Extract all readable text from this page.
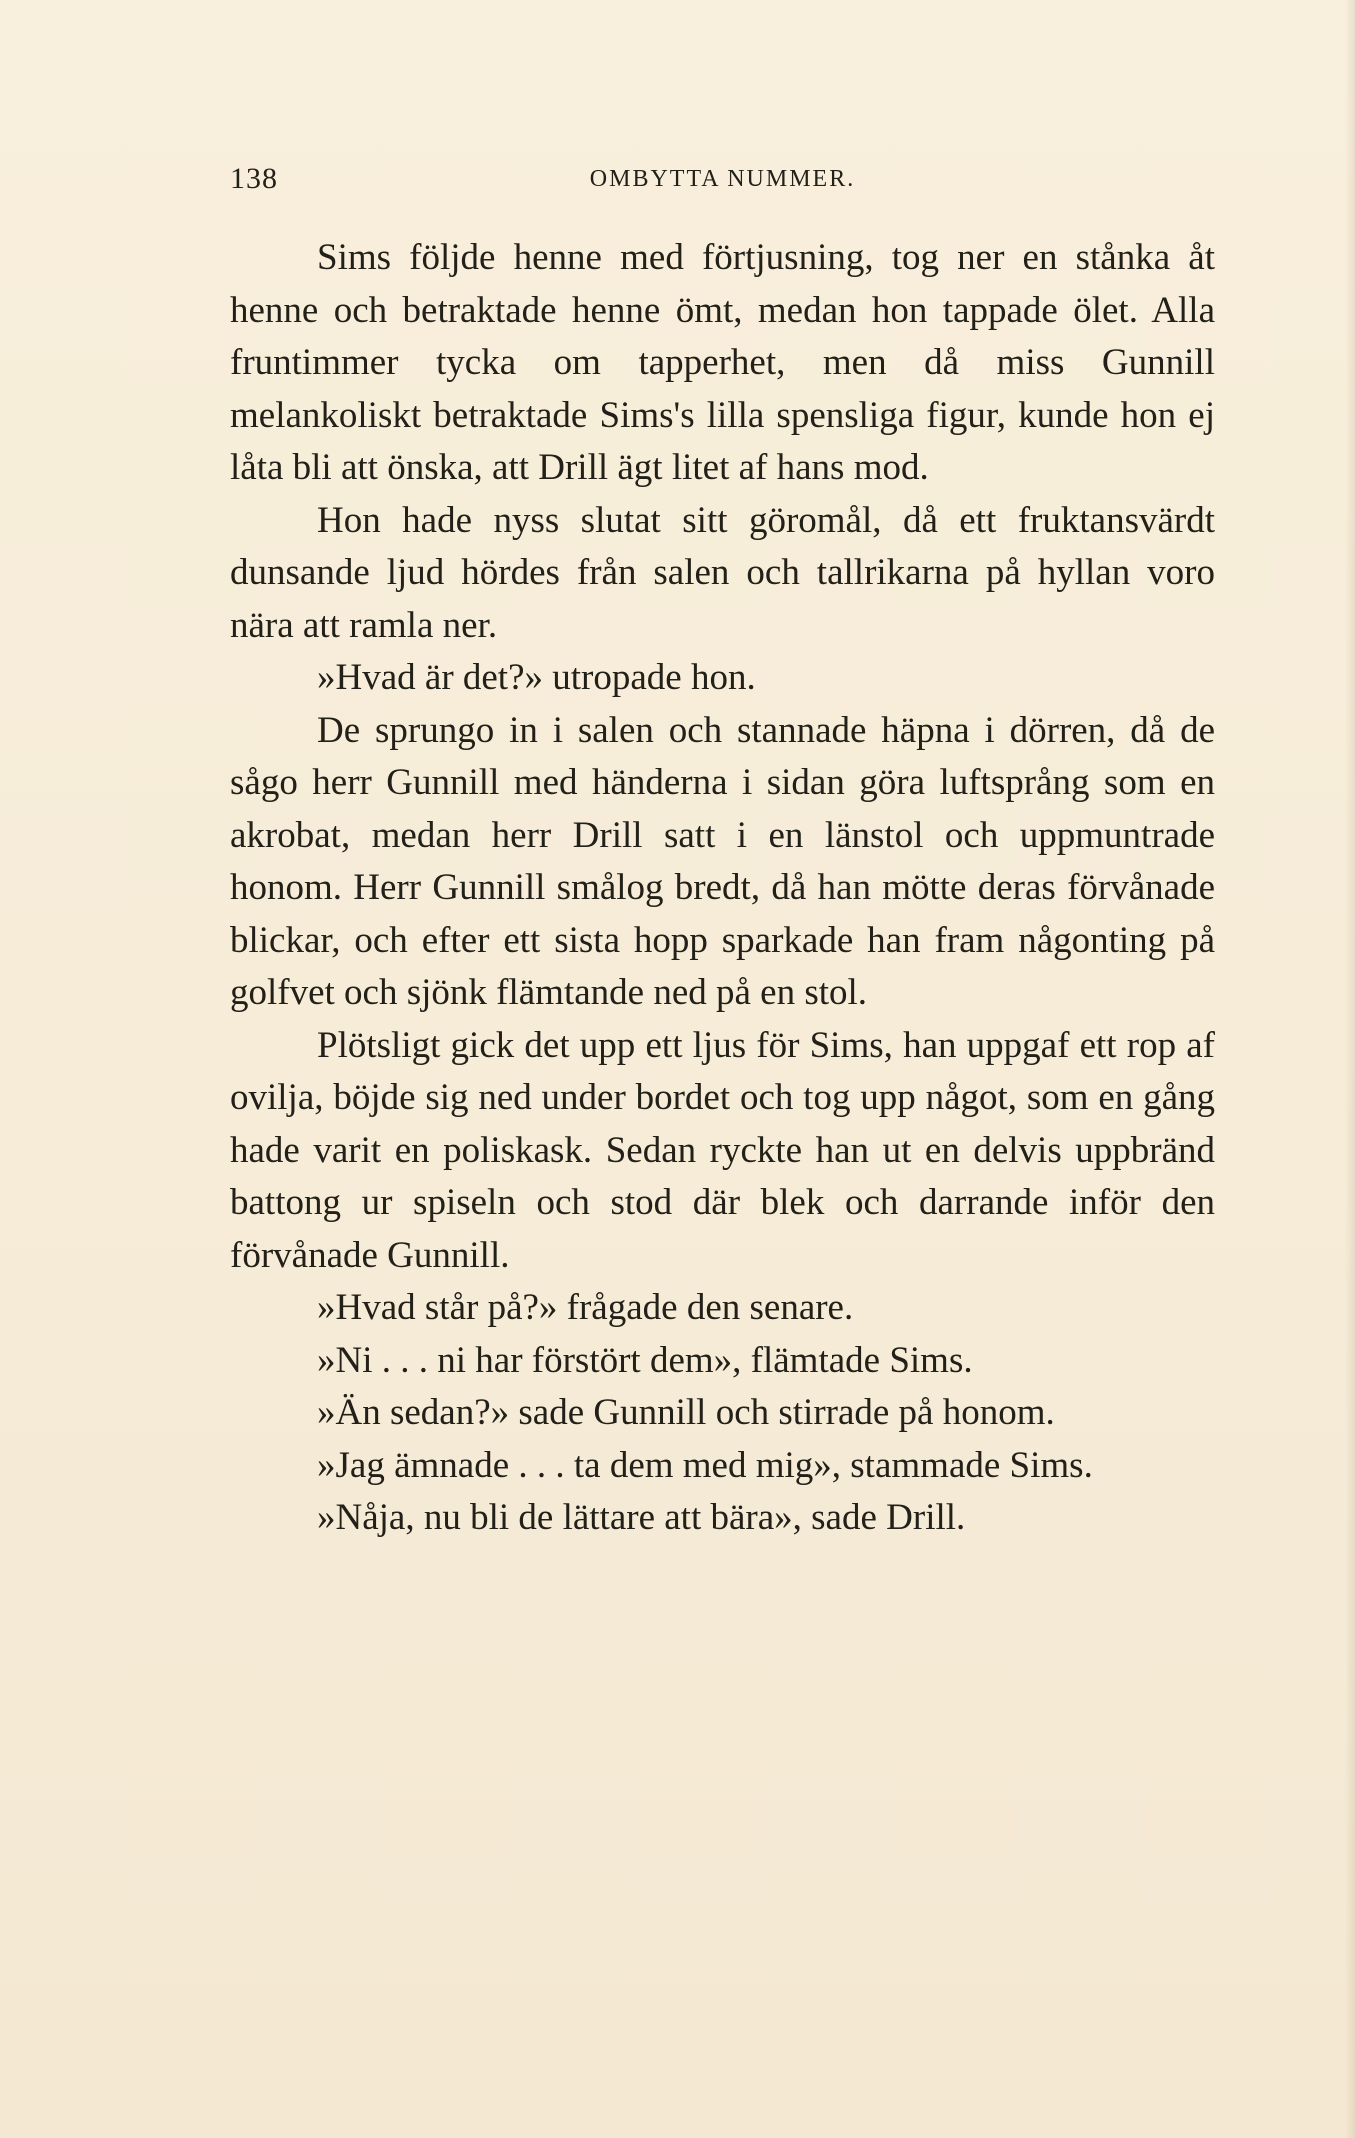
138	OMBYTTA NUMMER.

Sims följde henne med förtjusning, tog ner en stånka åt henne och betraktade henne ömt, medan hon tappade ölet. Alla fruntimmer tycka om tapperhet, men då miss Gunnill melankoliskt betraktade Sims's lilla spensliga figur, kunde hon ej låta bli att önska, att Drill ägt litet af hans mod.

Hon hade nyss slutat sitt göromål, då ett fruktansvärdt dunsande ljud hördes från salen och tallrikarna på hyllan voro nära att ramla ner.

»Hvad är det?» utropade hon.

De sprungo in i salen och stannade häpna i dörren, då de sågo herr Gunnill med händerna i sidan göra luftsprång som en akrobat, medan herr Drill satt i en länstol och uppmuntrade honom. Herr Gunnill smålog bredt, då han mötte deras förvånade blickar, och efter ett sista hopp sparkade han fram någonting på golfvet och sjönk flämtande ned på en stol.

Plötsligt gick det upp ett ljus för Sims, han uppgaf ett rop af ovilja, böjde sig ned under bordet och tog upp något, som en gång hade varit en poliskask. Sedan ryckte han ut en delvis uppbränd battong ur spiseln och stod där blek och darrande inför den förvånade Gunnill.

»Hvad står på?» frågade den senare.

»Ni . . . ni har förstört dem», flämtade Sims.

»Än sedan?» sade Gunnill och stirrade på honom.

»Jag ämnade . . . ta dem med mig», stammade Sims.

»Nåja, nu bli de lättare att bära», sade Drill.
